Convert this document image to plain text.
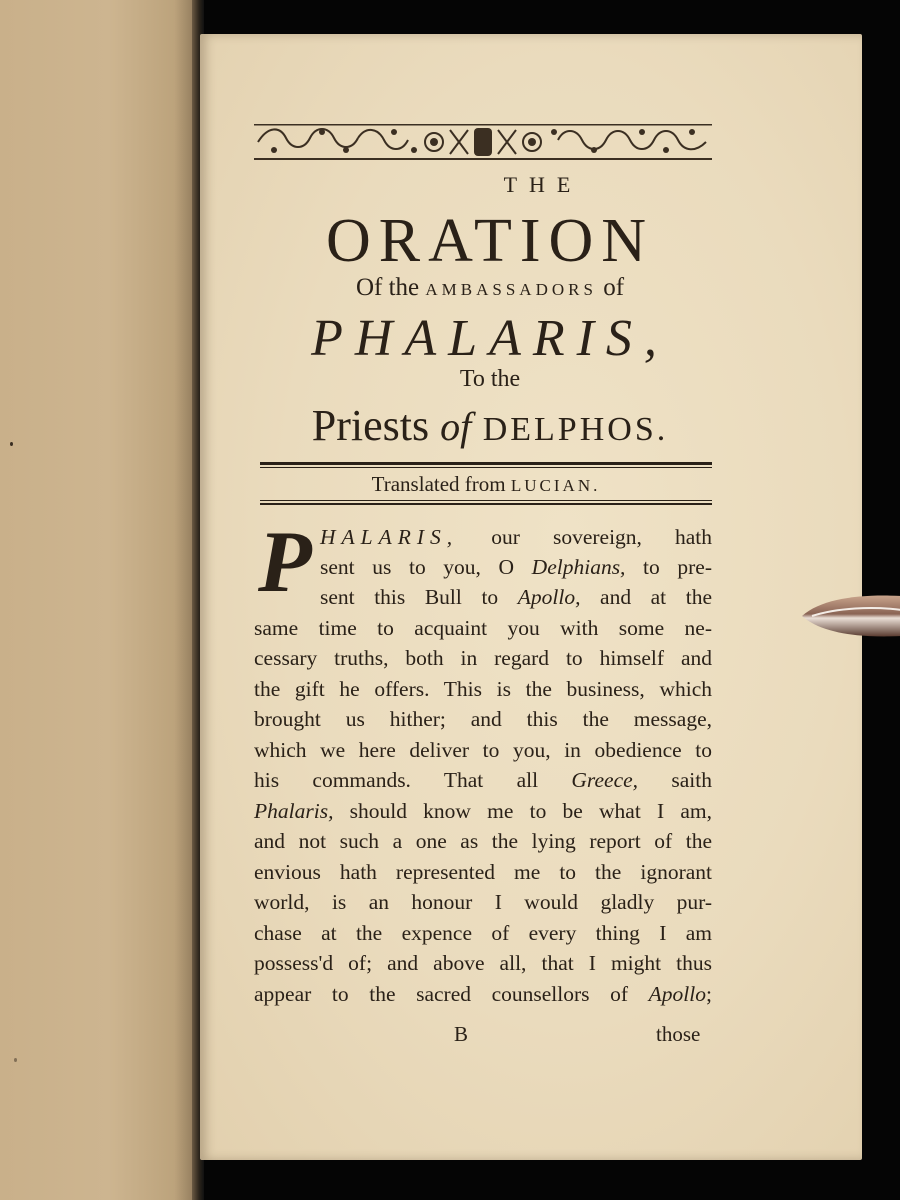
THE
ORATION
Of the AMBASSADORS of
PHALARIS,
To the
Priests of DELPHOS.
Translated from LUCIAN.
P HALARIS, our sovereign, hath
sent us to you, O Delphians, to pre-
sent this Bull to Apollo, and at the
same time to acquaint you with some ne-
cessary truths, both in regard to himself and
the gift he offers. This is the business, which
brought us hither; and this the message,
which we here deliver to you, in obedience to
his commands. That all Greece, saith
Phalaris, should know me to be what I am,
and not such a one as the lying report of the
envious hath represented me to the ignorant
world, is an honour I would gladly pur-
chase at the expence of every thing I am
possess'd of; and above all, that I might thus
appear to the sacred counsellors of Apollo;
B	those
